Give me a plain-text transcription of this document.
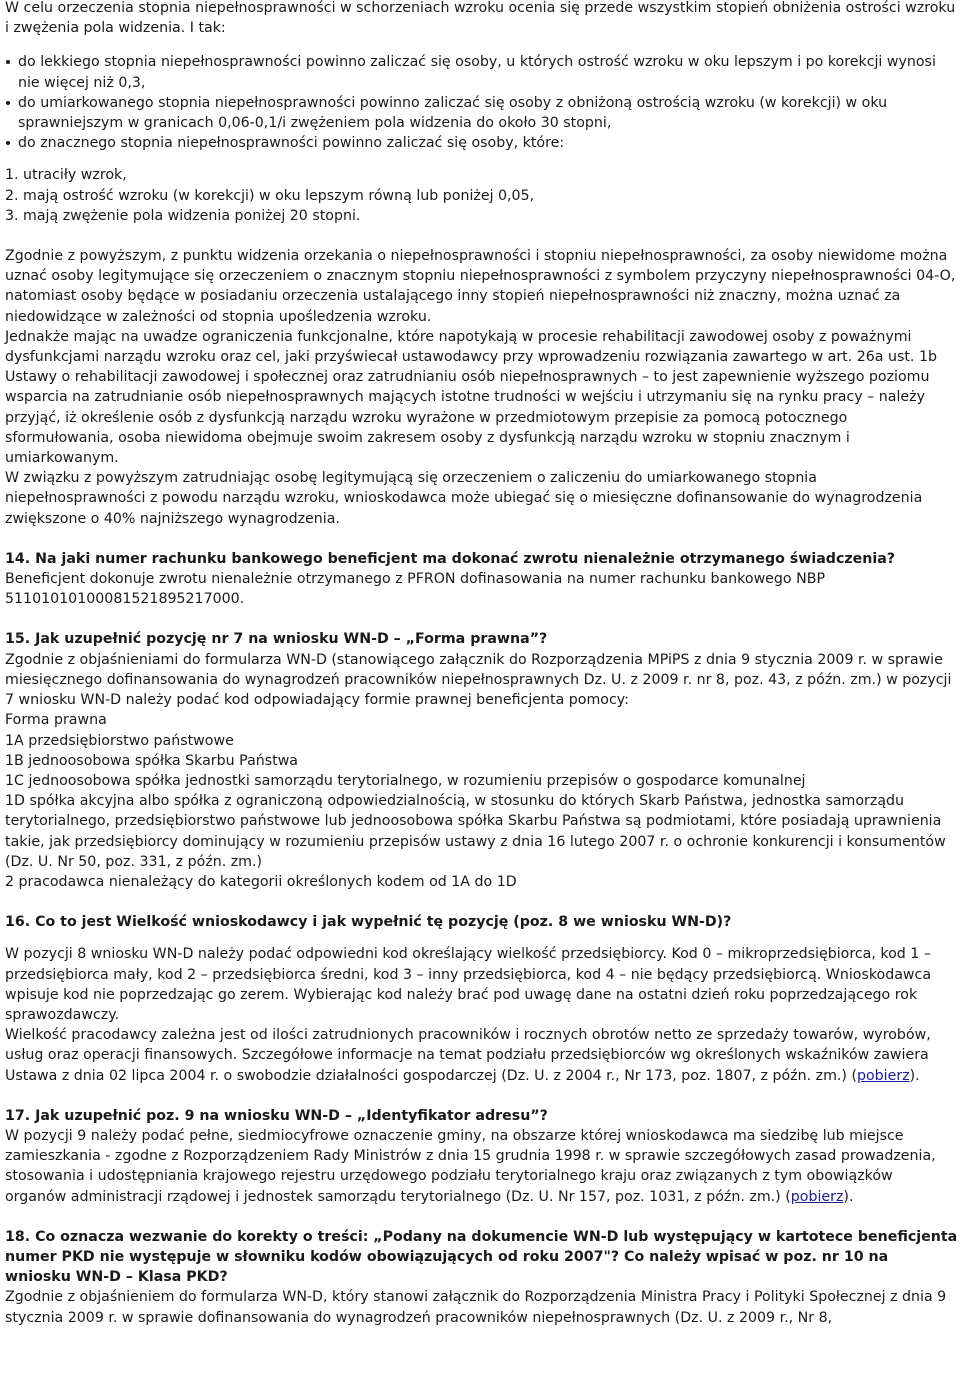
W celu orzeczenia stopnia niepełnosprawności w schorzeniach wzroku ocenia się przede wszystkim stopień obniżenia ostrości wzroku i zwężenia pola widzenia. I tak:

do lekkiego stopnia niepełnosprawności powinno zaliczać się osoby, u których ostrość wzroku w oku lepszym i po korekcji wynosi nie więcej niż 0,3,
do umiarkowanego stopnia niepełnosprawności powinno zaliczać się osoby z obniżoną ostrością wzroku (w korekcji) w oku sprawniejszym w granicach 0,06-0,1/i zwężeniem pola widzenia do około 30 stopni,
do znacznego stopnia niepełnosprawności powinno zaliczać się osoby, które:

1. utraciły wzrok,

2. mają ostrość wzroku (w korekcji) w oku lepszym równą lub poniżej 0,05,

3. mają zwężenie pola widzenia poniżej 20 stopni.

Zgodnie z powyższym, z punktu widzenia orzekania o niepełnosprawności i stopniu niepełnosprawności, za osoby niewidome można uznać osoby legitymujące się orzeczeniem o znacznym stopniu niepełnosprawności z symbolem przyczyny niepełnosprawności 04-O, natomiast osoby będące w posiadaniu orzeczenia ustalającego inny stopień niepełnosprawności niż znaczny, można uznać za niedowidzące w zależności od stopnia upośledzenia wzroku.

Jednakże mając na uwadze ograniczenia funkcjonalne, które napotykają w procesie rehabilitacji zawodowej osoby z poważnymi dysfunkcjami narządu wzroku oraz cel, jaki przyświecał ustawodawcy przy wprowadzeniu rozwiązania zawartego w art. 26a ust. 1b Ustawy o rehabilitacji zawodowej i społecznej oraz zatrudnianiu osób niepełnosprawnych – to jest zapewnienie wyższego poziomu wsparcia na zatrudnianie osób niepełnosprawnych mających istotne trudności w wejściu i utrzymaniu się na rynku pracy – należy przyjąć, iż określenie osób z dysfunkcją narządu wzroku wyrażone w przedmiotowym przepisie za pomocą potocznego sformułowania, osoba niewidoma obejmuje swoim zakresem osoby z dysfunkcją narządu wzroku w stopniu znacznym i umiarkowanym.

W związku z powyższym zatrudniając osobę legitymującą się orzeczeniem o zaliczeniu do umiarkowanego stopnia niepełnosprawności z powodu narządu wzroku, wnioskodawca może ubiegać się o miesięczne dofinansowanie do wynagrodzenia zwiększone o 40% najniższego wynagrodzenia.

14. Na jaki numer rachunku bankowego beneficjent ma dokonać zwrotu nienależnie otrzymanego świadczenia?

Beneficjent dokonuje zwrotu nienależnie otrzymanego z PFRON dofinasowania na numer rachunku bankowego NBP 51101010100081521895217000.

15. Jak uzupełnić pozycję nr 7 na wniosku WN-D – „Forma prawna”?

Zgodnie z objaśnieniami do formularza WN-D (stanowiącego załącznik do Rozporządzenia MPiPS z dnia 9 stycznia 2009 r. w sprawie miesięcznego dofinansowania do wynagrodzeń pracowników niepełnosprawnych Dz. U. z 2009 r. nr 8, poz. 43, z późn. zm.) w pozycji 7 wniosku WN-D należy podać kod odpowiadający formie prawnej beneficjenta pomocy:

Forma prawna

1A przedsiębiorstwo państwowe

1B jednoosobowa spółka Skarbu Państwa

1C jednoosobowa spółka jednostki samorządu terytorialnego, w rozumieniu przepisów o gospodarce komunalnej

1D spółka akcyjna albo spółka z ograniczoną odpowiedzialnością, w stosunku do których Skarb Państwa, jednostka samorządu terytorialnego, przedsiębiorstwo państwowe lub jednoosobowa spółka Skarbu Państwa są podmiotami, które posiadają uprawnienia takie, jak przedsiębiorcy dominujący w rozumieniu przepisów ustawy z dnia 16 lutego 2007 r. o ochronie konkurencji i konsumentów (Dz. U. Nr 50, poz. 331, z późn. zm.)

2 pracodawca nienależący do kategorii określonych kodem od 1A do 1D

16. Co to jest Wielkość wnioskodawcy i jak wypełnić tę pozycję (poz. 8 we wniosku WN-D)?

W pozycji 8 wniosku WN-D należy podać odpowiedni kod określający wielkość przedsiębiorcy. Kod 0 – mikroprzedsiębiorca, kod 1 – przedsiębiorca mały, kod 2 – przedsiębiorca średni, kod 3 – inny przedsiębiorca, kod 4 – nie będący przedsiębiorcą. Wnioskodawca wpisuje kod nie poprzedzając go zerem. Wybierając kod należy brać pod uwagę dane na ostatni dzień roku poprzedzającego rok sprawozdawczy.

Wielkość pracodawcy zależna jest od ilości zatrudnionych pracowników i rocznych obrotów netto ze sprzedaży towarów, wyrobów, usług oraz operacji finansowych. Szczegółowe informacje na temat podziału przedsiębiorców wg określonych wskaźników zawiera Ustawa z dnia 02 lipca 2004 r. o swobodzie działalności gospodarczej (Dz. U. z 2004 r., Nr 173, poz. 1807, z późn. zm.) (pobierz).

17. Jak uzupełnić poz. 9 na wniosku WN-D – „Identyfikator adresu”?

W pozycji 9 należy podać pełne, siedmiocyfrowe oznaczenie gminy, na obszarze której wnioskodawca ma siedzibę lub miejsce zamieszkania - zgodne z Rozporządzeniem Rady Ministrów z dnia 15 grudnia 1998 r. w sprawie szczegółowych zasad prowadzenia, stosowania i udostępniania krajowego rejestru urzędowego podziału terytorialnego kraju oraz związanych z tym obowiązków organów administracji rządowej i jednostek samorządu terytorialnego (Dz. U. Nr 157, poz. 1031, z późn. zm.) (pobierz).

18. Co oznacza wezwanie do korekty o treści: „Podany na dokumencie WN-D lub występujący w kartotece beneficjenta numer PKD nie występuje w słowniku kodów obowiązujących od roku 2007"? Co należy wpisać w poz. nr 10 na wniosku WN-D – Klasa PKD?

Zgodnie z objaśnieniem do formularza WN-D, który stanowi załącznik do Rozporządzenia Ministra Pracy i Polityki Społecznej z dnia 9 stycznia 2009 r. w sprawie dofinansowania do wynagrodzeń pracowników niepełnosprawnych (Dz. U. z 2009 r., Nr 8,
